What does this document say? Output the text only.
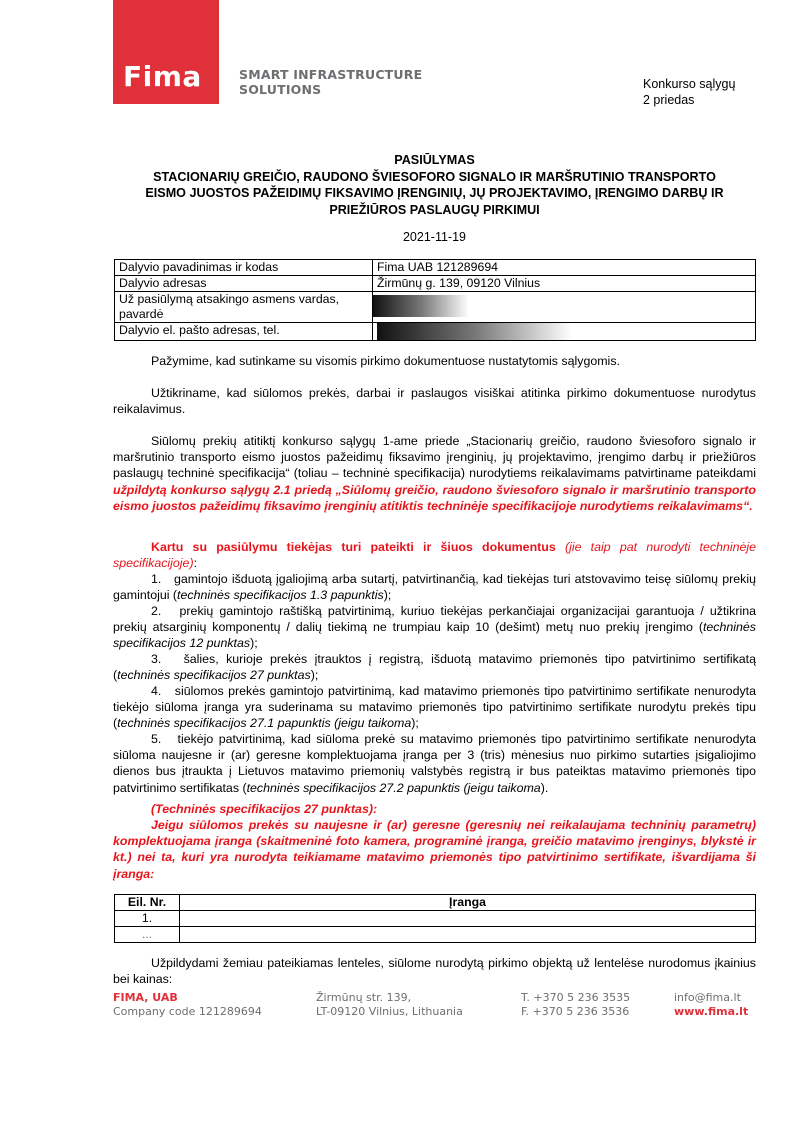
Fima	SMART INFRASTRUCTURE
SOLUTIONS	Konkurso sąlygų
2 priedas
PASIŪLYMAS
STACIONARIŲ GREIČIO, RAUDONO ŠVIESOFORO SIGNALO IR MARŠRUTINIO TRANSPORTO
EISMO JUOSTOS PAŽEIDIMŲ FIKSAVIMO ĮRENGINIŲ, JŲ PROJEKTAVIMO, ĮRENGIMO DARBŲ IR
PRIEŽIŪROS PASLAUGŲ PIRKIMUI
2021-11-19
Dalyvio pavadinimas ir kodas	Fima UAB 121289694
Dalyvio adresas	Žirmūnų g. 139, 09120 Vilnius
Už pasiūlymą atsakingo asmens vardas, pavardė	
Dalyvio el. pašto adresas, tel.	
Pažymime, kad sutinkame su visomis pirkimo dokumentuose nustatytomis sąlygomis.
Užtikriname, kad siūlomos prekės, darbai ir paslaugos visiškai atitinka pirkimo dokumentuose nurodytus reikalavimus.
Siūlomų prekių atitiktį konkurso sąlygų 1-ame priede „Stacionarių greičio, raudono šviesoforo signalo ir maršrutinio transporto eismo juostos pažeidimų fiksavimo įrenginių, jų projektavimo, įrengimo darbų ir priežiūros paslaugų techninė specifikacija“ (toliau – techninė specifikacija) nurodytiems reikalavimams patvirtiname pateikdami užpildytą konkurso sąlygų 2.1 priedą „Siūlomų greičio, raudono šviesoforo signalo ir maršrutinio transporto eismo juostos pažeidimų fiksavimo įrenginių atitiktis techninėje specifikacijoje nurodytiems reikalavimams“.
Kartu su pasiūlymu tiekėjas turi pateikti ir šiuos dokumentus (jie taip pat nurodyti techninėje specifikacijoje):
1. gamintojo išduotą įgaliojimą arba sutartį, patvirtinančią, kad tiekėjas turi atstovavimo teisę siūlomų prekių gamintojui (techninės specifikacijos 1.3 papunktis);
2. prekių gamintojo raštišką patvirtinimą, kuriuo tiekėjas perkančiajai organizacijai garantuoja / užtikrina prekių atsarginių komponentų / dalių tiekimą ne trumpiau kaip 10 (dešimt) metų nuo prekių įrengimo (techninės specifikacijos 12 punktas);
3. šalies, kurioje prekės įtrauktos į registrą, išduotą matavimo priemonės tipo patvirtinimo sertifikatą (techninės specifikacijos 27 punktas);
4. siūlomos prekės gamintojo patvirtinimą, kad matavimo priemonės tipo patvirtinimo sertifikate nenurodyta tiekėjo siūloma įranga yra suderinama su matavimo priemonės tipo patvirtinimo sertifikate nurodytu prekės tipu (techninės specifikacijos 27.1 papunktis (jeigu taikoma);
5. tiekėjo patvirtinimą, kad siūloma prekė su matavimo priemonės tipo patvirtinimo sertifikate nenurodyta siūloma naujesne ir (ar) geresne komplektuojama įranga per 3 (tris) mėnesius nuo pirkimo sutarties įsigaliojimo dienos bus įtraukta į Lietuvos matavimo priemonių valstybės registrą ir bus pateiktas matavimo priemonės tipo patvirtinimo sertifikatas (techninės specifikacijos 27.2 papunktis (jeigu taikoma).
(Techninės specifikacijos 27 punktas):
Jeigu siūlomos prekės su naujesne ir (ar) geresne (geresnių nei reikalaujama techninių parametrų) komplektuojama įranga (skaitmeninė foto kamera, programinė įranga, greičio matavimo įrenginys, blykstė ir kt.) nei ta, kuri yra nurodyta teikiamame matavimo priemonės tipo patvirtinimo sertifikate, išvardijama ši įranga:
Eil. Nr.	Įranga
1.	
...	
Užpildydami žemiau pateikiamas lenteles, siūlome nurodytą pirkimo objektą už lentelėse nurodomus įkainius bei kainas:
FIMA, UAB
Company code 121289694
Žirmūnų str. 139,
LT-09120 Vilnius, Lithuania
T. +370 5 236 3535
F. +370 5 236 3536
info@fima.lt
www.fima.lt
